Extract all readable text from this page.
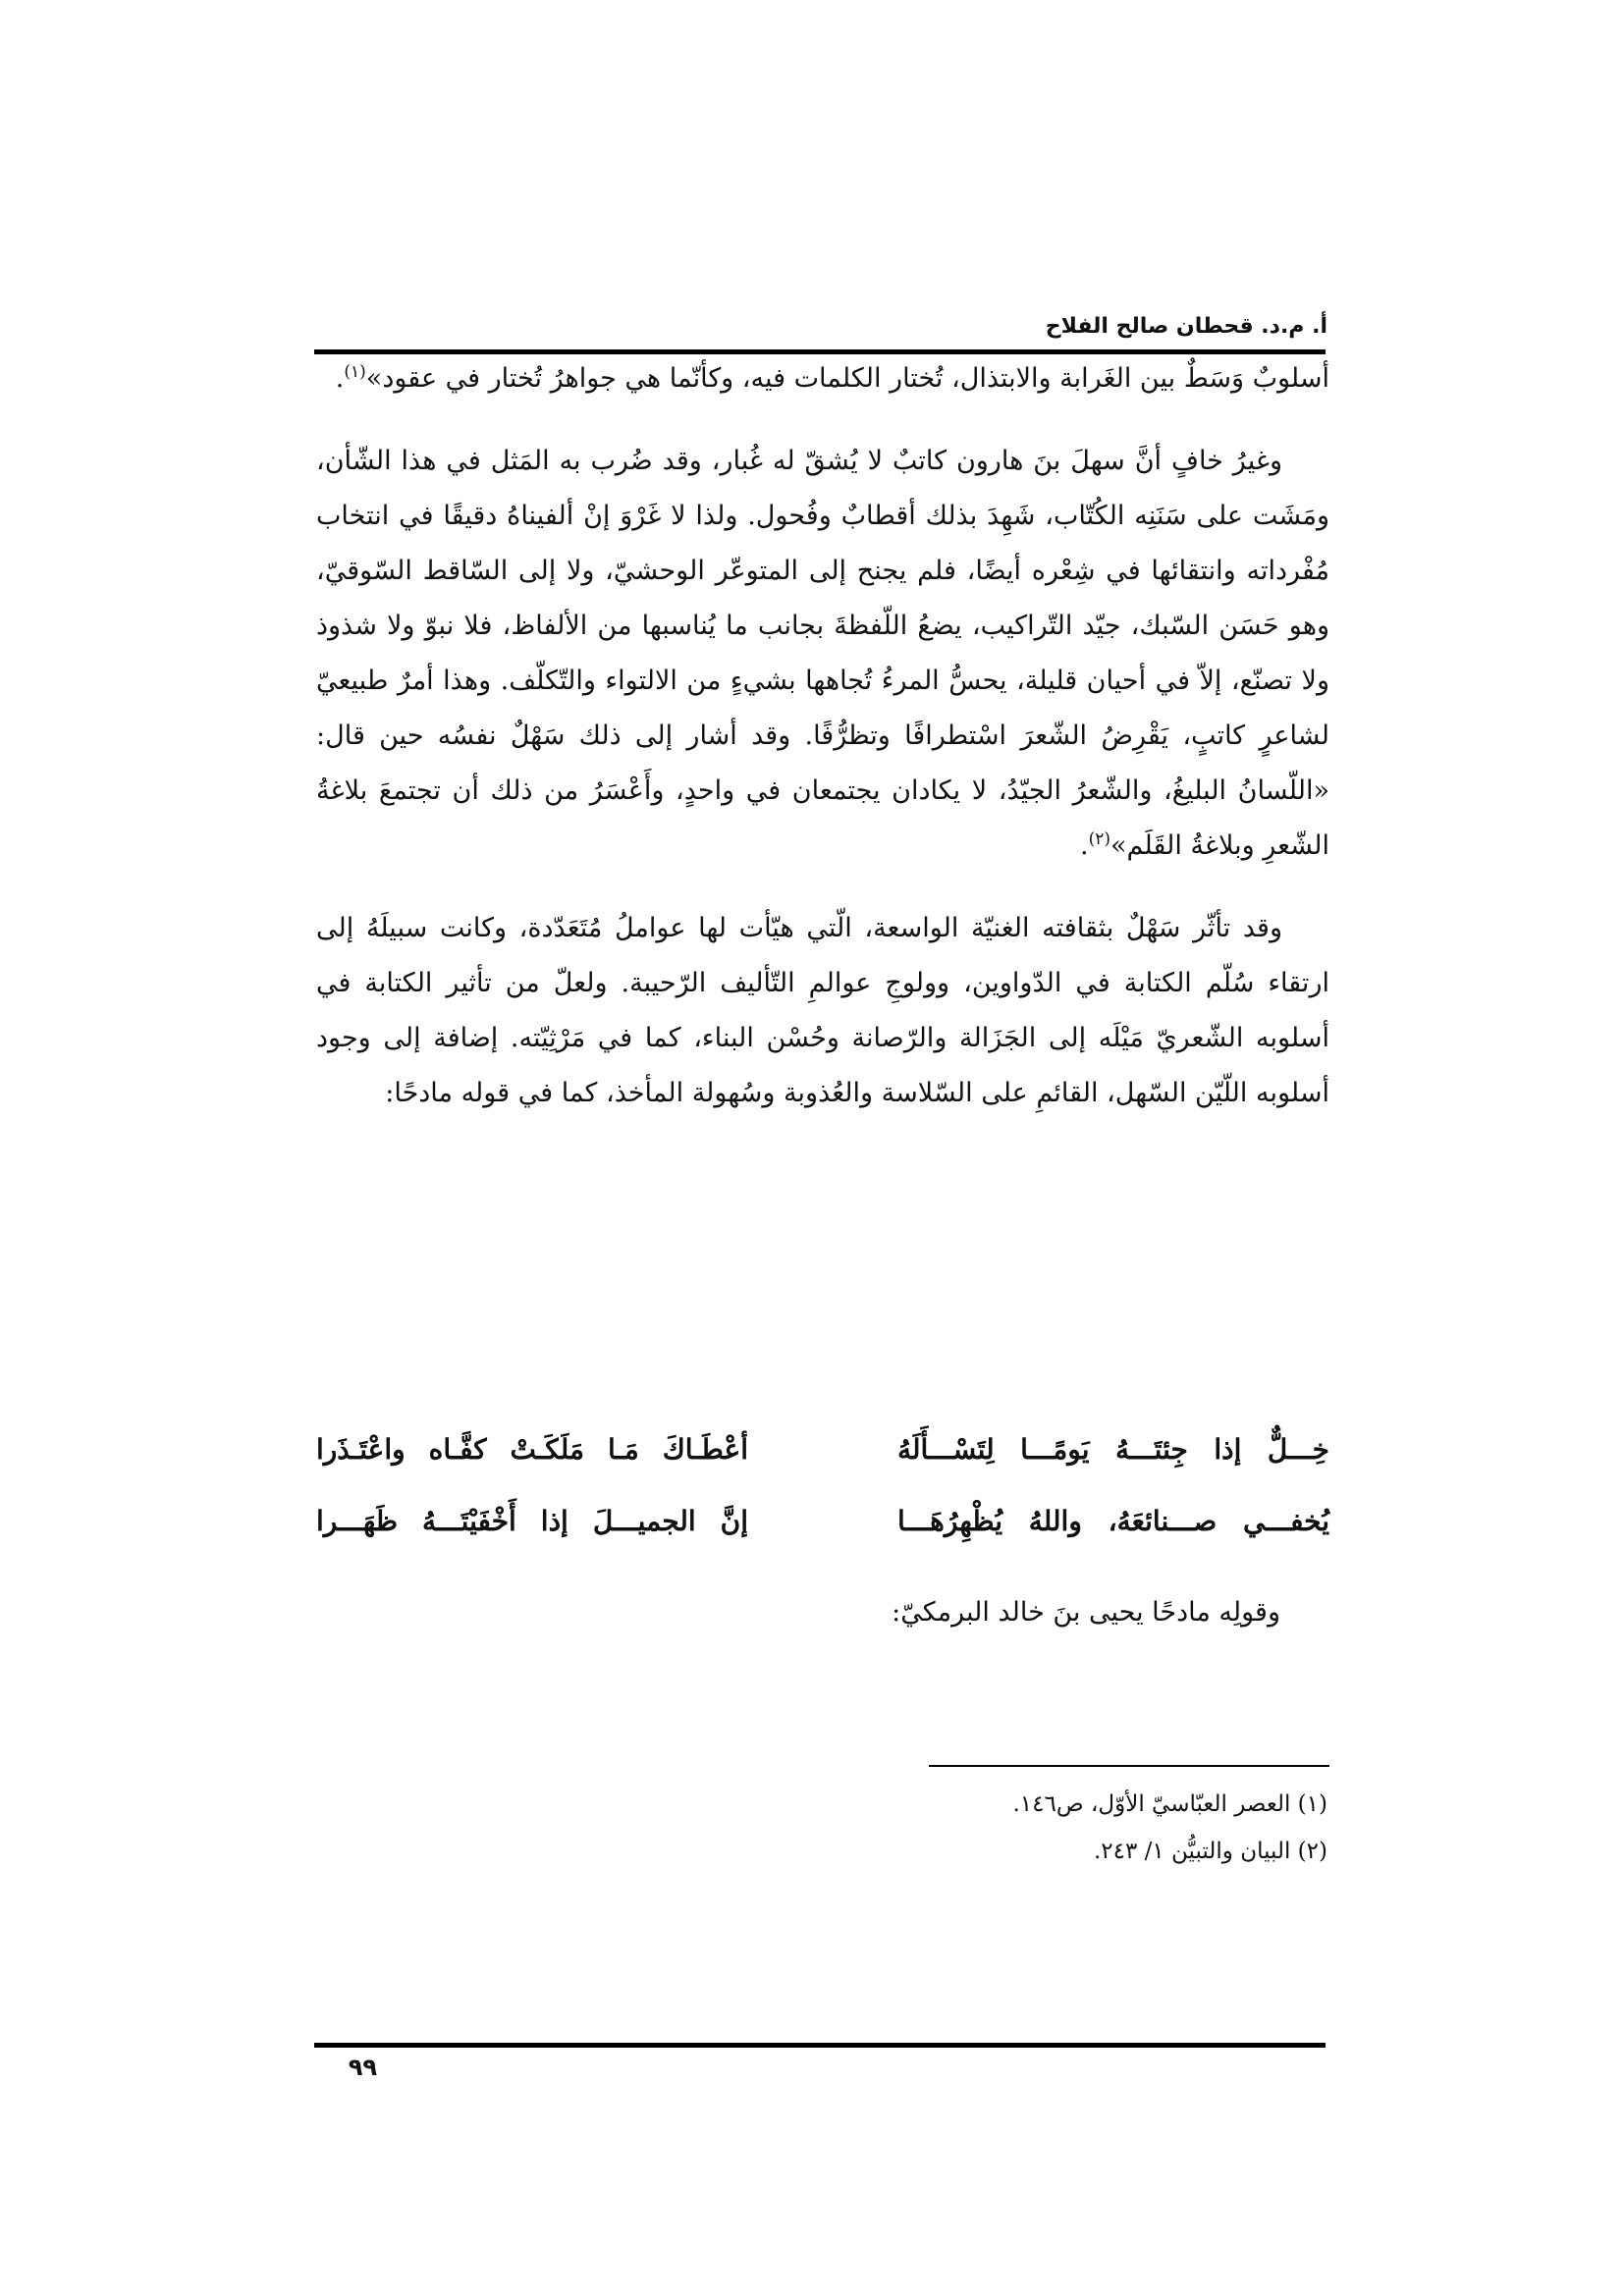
أ. م.د. قحطان صالح الفلاح

أسلوبٌ وَسَطٌ بين الغَرابة والابتذال، تُختار الكلمات فيه، وكأنّما هي جواهرُ تُختار في عقود»$^{(١)}$.

وغيرُ خافٍ أنَّ سهلَ بنَ هارون كاتبٌ لا يُشقّ له غُبار، وقد ضُرب به المَثل في هذا الشّأن، ومَشَت على سَنَنِه الكُتّاب، شَهِدَ بذلك أقطابٌ وفُحول. ولذا لا غَرْوَ إنْ ألفيناهُ دقيقًا في انتخاب مُفْرداته وانتقائها في شِعْره أيضًا، فلم يجنح إلى المتوعّر الوحشيّ، ولا إلى السّاقط السّوقيّ، وهو حَسَن السّبك، جيّد التّراكيب، يضعُ اللّفظةَ بجانب ما يُناسبها من الألفاظ، فلا نبوّ ولا شذوذ ولا تصنّع، إلاّ في أحيان قليلة، يحسُّ المرءُ تُجاهها بشيءٍ من الالتواء والتّكلّف. وهذا أمرٌ طبيعيّ لشاعرٍ كاتبٍ، يَقْرِضُ الشّعرَ اسْتطرافًا وتظرُّفًا. وقد أشار إلى ذلك سَهْلٌ نفسُه حين قال: «اللّسانُ البليغُ، والشّعرُ الجيّدُ، لا يكادان يجتمعان في واحدٍ، وأَعْسَرُ من ذلك أن تجتمعَ بلاغةُ الشّعرِ وبلاغةُ القَلَم»$^{(٢)}$.

وقد تأثّر سَهْلٌ بثقافته الغنيّة الواسعة، الّتي هيّأت لها عواملُ مُتَعَدّدة، وكانت سبيلَهُ إلى ارتقاء سُلّم الكتابة في الدّواوين، وولوجِ عوالمِ التّأليف الرّحيبة. ولعلّ من تأثير الكتابة في أسلوبه الشّعريّ مَيْلَه إلى الجَزَالة والرّصانة وحُسْن البناء، كما في مَرْثِيّته. إضافة إلى وجود أسلوبه اللّيّن السّهل، القائمِ على السّلاسة والعُذوبة وسُهولة المأخذ، كما في قوله مادحًا:

خِـــلٌّ إذا جِئتَـــهُ يَومًـــا لِتَسْـــأَلَهُ
أعْطَـاكَ مَـا مَلَكَـتْ كفَّـاه واعْتَـذَرا
يُخفـــي صـــنائعَهُ، واللهُ يُظْهِرُهَـــا
إنَّ الجميـــلَ إذا أَخْفَيْتَـــهُ ظَهَـــرا
وقولِه مادحًا يحيى بنَ خالد البرمكيّ:
(١) العصر العبّاسيّ الأوّل، ص١٤٦.
(٢) البيان والتبيُّن ١/ ٢٤٣.
٩٩
